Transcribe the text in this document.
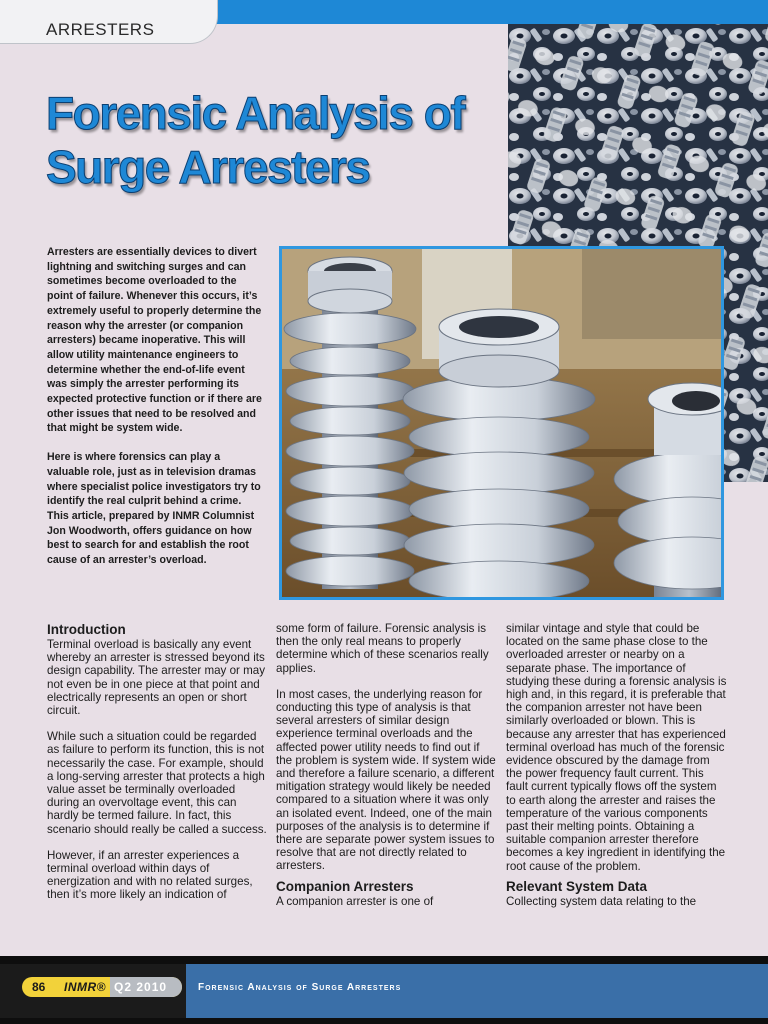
ARRESTERS
Forensic Analysis of
Surge Arresters

Arresters are essentially devices to divert lightning and switching surges and can sometimes become overloaded to the point of failure. Whenever this occurs, it’s extremely useful to properly determine the reason why the arrester (or companion arresters) became inoperative. This will allow utility maintenance engineers to determine whether the end-of-life event was simply the arrester performing its expected protective function or if there are other issues that need to be resolved and that might be system wide.

Here is where forensics can play a valuable role, just as in television dramas where specialist police investigators try to identify the real culprit behind a crime. This article, prepared by INMR Columnist Jon Woodworth, offers guidance on how best to search for and establish the root cause of an arrester’s overload.

Introduction

Terminal overload is basically any event whereby an arrester is stressed beyond its design capability. The arrester may or may not even be in one piece at that point and electrically represents an open or short circuit.

While such a situation could be regarded as failure to perform its function, this is not necessarily the case. For example, should a long-serving arrester that protects a high value asset be terminally overloaded during an overvoltage event, this can hardly be termed failure. In fact, this scenario should really be called a success.

However, if an arrester experiences a terminal overload within days of energization and with no related surges, then it’s more likely an indication of

some form of failure. Forensic analysis is then the only real means to properly determine which of these scenarios really applies.

In most cases, the underlying reason for conducting this type of analysis is that several arresters of similar design experience terminal overloads and the affected power utility needs to find out if the problem is system wide. If system wide and therefore a failure scenario, a different mitigation strategy would likely be needed compared to a situation where it was only an isolated event. Indeed, one of the main purposes of the analysis is to determine if there are separate power system issues to resolve that are not directly related to arresters.

Companion Arresters

A companion arrester is one of

similar vintage and style that could be located on the same phase close to the overloaded arrester or nearby on a separate phase. The importance of studying these during a forensic analysis is high and, in this regard, it is preferable that the companion arrester not have been similarly overloaded or blown. This is because any arrester that has experienced terminal overload has much of the forensic evidence obscured by the damage from the power frequency fault current. This fault current typically flows off the system to earth along the arrester and raises the temperature of the various components past their melting points. Obtaining a suitable companion arrester therefore becomes a key ingredient in identifying the root cause of the problem.

Relevant System Data

Collecting system data relating to the

86 INMR® Q2 2010	Forensic Analysis of Surge Arresters
